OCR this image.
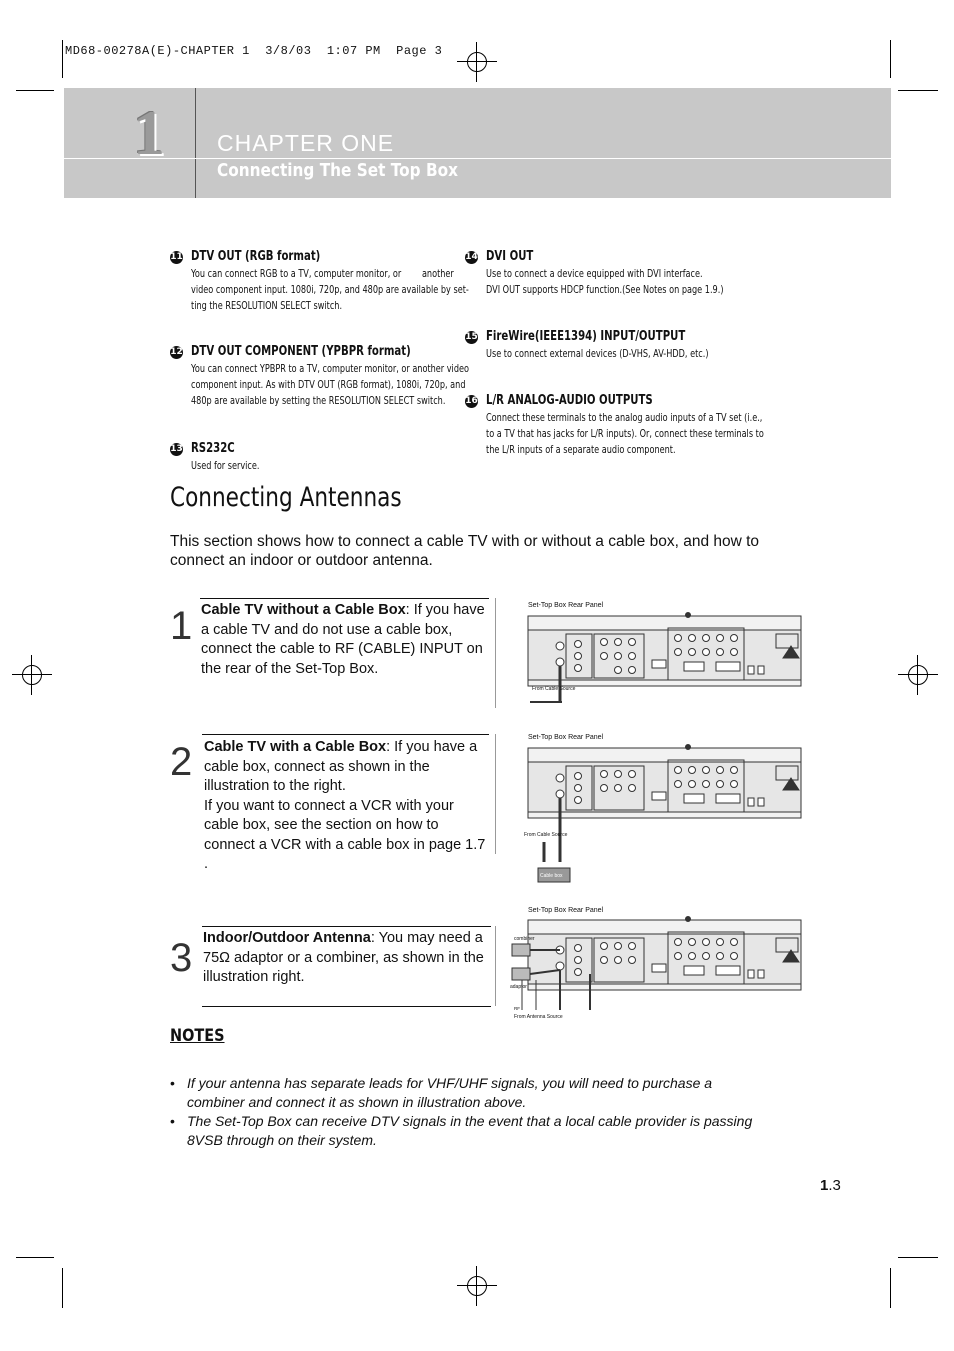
MD68-00278A(E)-CHAPTER 1  3/8/03  1:07 PM  Page 3
1 CHAPTER ONE
Connecting The Set Top Box
11 DTV OUT (RGB format)
You can connect RGB to a TV, computer monitor, or        another
video component input. 1080i, 720p, and 480p are available by set-
ting the RESOLUTION SELECT switch.
12 DTV OUT COMPONENT (YPBPR format)
You can connect YPBPR to a TV, computer monitor, or another video
component input. As with DTV OUT (RGB format), 1080i, 720p, and
480p are available by setting the RESOLUTION SELECT switch.
13 RS232C
Used for service.
14 DVI OUT
Use to connect a device equipped with DVI interface.
DVI OUT supports HDCP function.(See Notes on page 1.9.)
15 FireWire(IEEE1394) INPUT/OUTPUT
Use to connect external devices (D-VHS, AV-HDD, etc.)
16 L/R ANALOG-AUDIO OUTPUTS
Connect these terminals to the analog audio inputs of a TV set (i.e.,
to a TV that has jacks for L/R inputs). Or, connect these terminals to
the L/R inputs of a separate audio component.
Connecting Antennas
This section shows how to connect a cable TV with or without a cable box, and how to connect an indoor or outdoor antenna.
1 Cable TV without a Cable Box: If you have a cable TV and do not use a cable box, connect the cable to RF (CABLE) INPUT on the rear of the Set-Top Box.
2 Cable TV with a Cable Box: If you have a cable box, connect as shown in the illustration to the right.
If you want to connect a VCR with your cable box, see the section on how to connect a VCR with a cable box in page 1.7 .
3 Indoor/Outdoor Antenna: You may need a 75Ω adaptor or a combiner, as shown in the illustration right.
Set-Top Box Rear Panel
Set-Top Box Rear Panel
Set-Top Box Rear Panel
From Cable Source
From Cable Source
Cable box
combiner
adaptor
RF
From Antenna Source
NOTES
• If your antenna has separate leads for VHF/UHF signals, you will need to purchase a combiner and connect it as shown in illustration above.
• The Set-Top Box can receive DTV signals in the event that a local cable provider is passing 8VSB through on their system.
1.3
